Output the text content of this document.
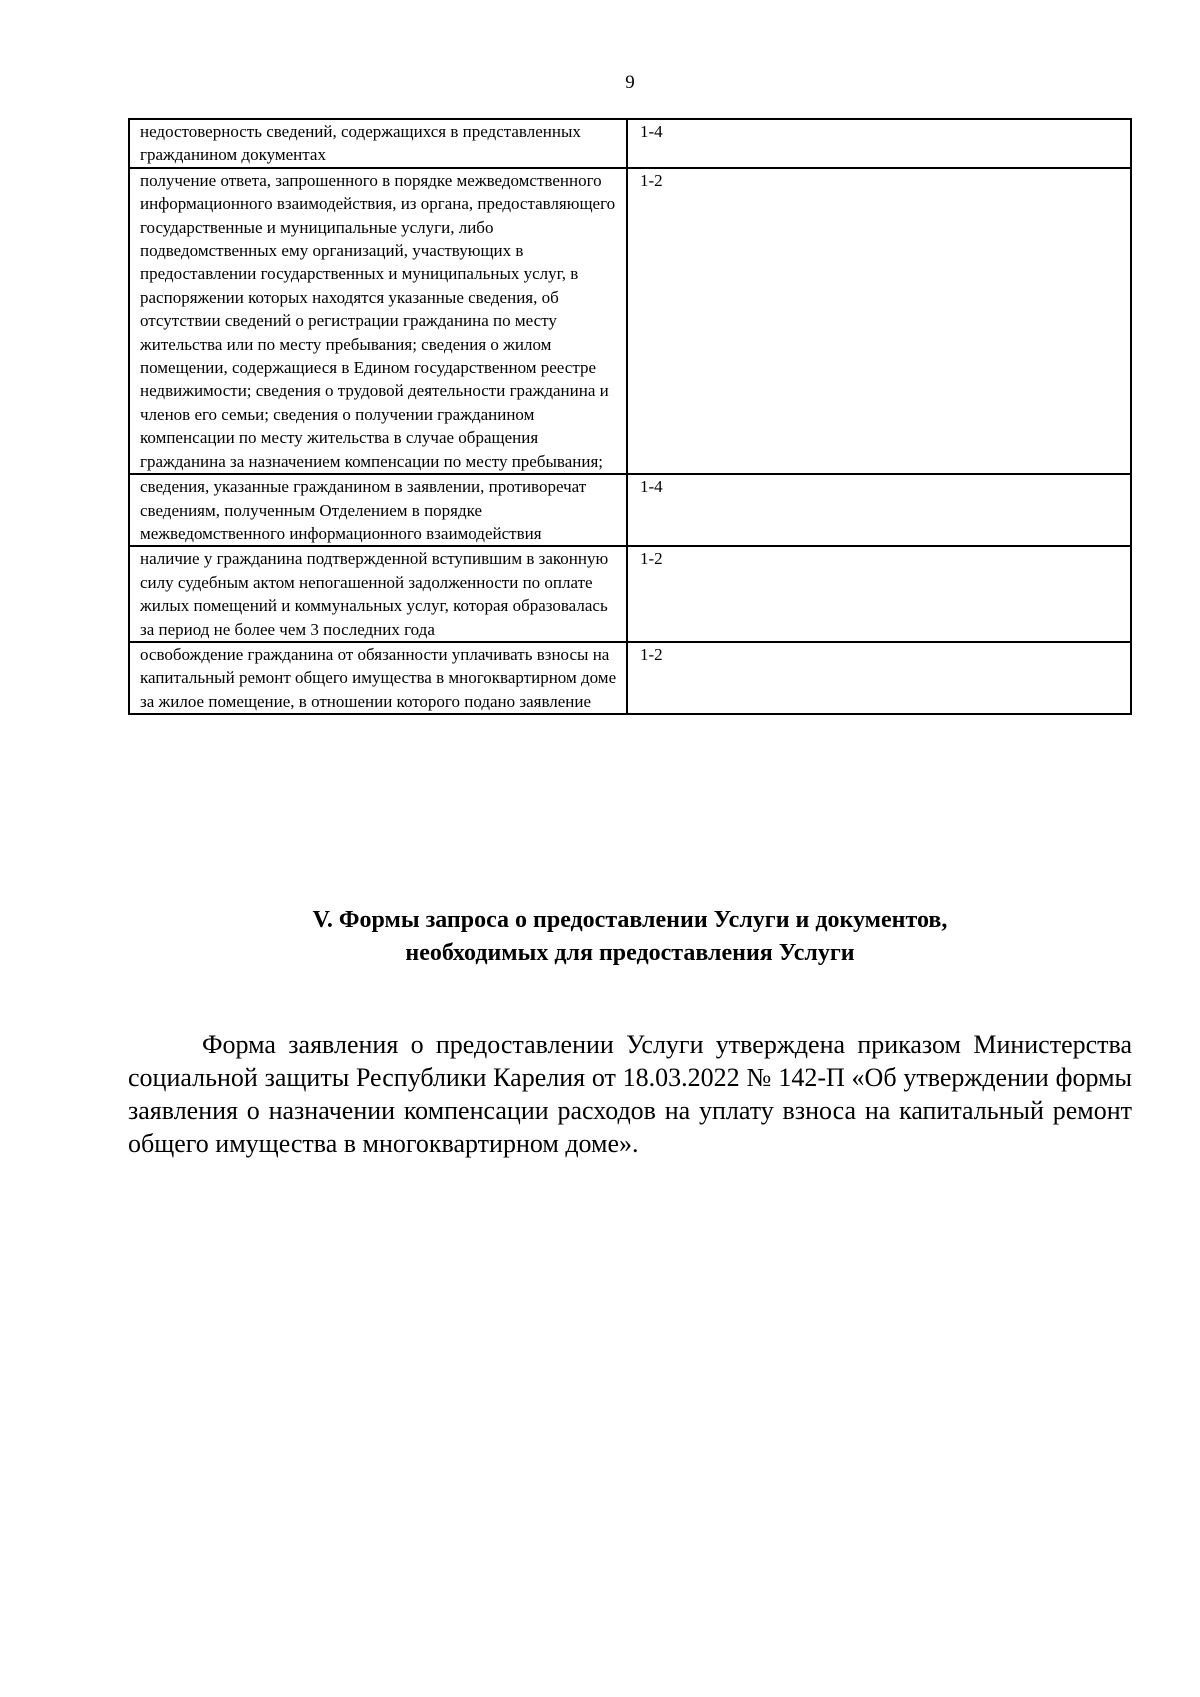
9
недостоверность сведений, содержащихся в представленных гражданином документах	1-4
получение ответа, запрошенного в порядке межведомственного информационного взаимодействия, из органа, предоставляющего государственные и муниципальные услуги, либо подведомственных ему организаций, участвующих в предоставлении государственных и муниципальных услуг, в распоряжении которых находятся указанные сведения, об отсутствии сведений о регистрации гражданина по месту жительства или по месту пребывания; сведения о жилом помещении, содержащиеся в Едином государственном реестре недвижимости; сведения о трудовой деятельности гражданина и членов его семьи; сведения о получении гражданином компенсации по месту жительства в случае обращения гражданина за назначением компенсации по месту пребывания;	1-2
сведения, указанные гражданином в заявлении, противоречат сведениям, полученным Отделением в порядке межведомственного информационного взаимодействия	1-4
наличие у гражданина подтвержденной вступившим в законную силу судебным актом непогашенной задолженности по оплате жилых помещений и коммунальных услуг, которая образовалась за период не более чем 3 последних года	1-2
освобождение гражданина от обязанности уплачивать взносы на капитальный ремонт общего имущества в многоквартирном доме за жилое помещение, в отношении которого подано заявление	1-2
V. Формы запроса о предоставлении Услуги и документов,
необходимых для предоставления Услуги

Форма заявления о предоставлении Услуги утверждена приказом Министерства социальной защиты Республики Карелия от 18.03.2022 № 142-П «Об утверждении формы заявления о назначении компенсации расходов на уплату взноса на капитальный ремонт общего имущества в многоквартирном доме».
